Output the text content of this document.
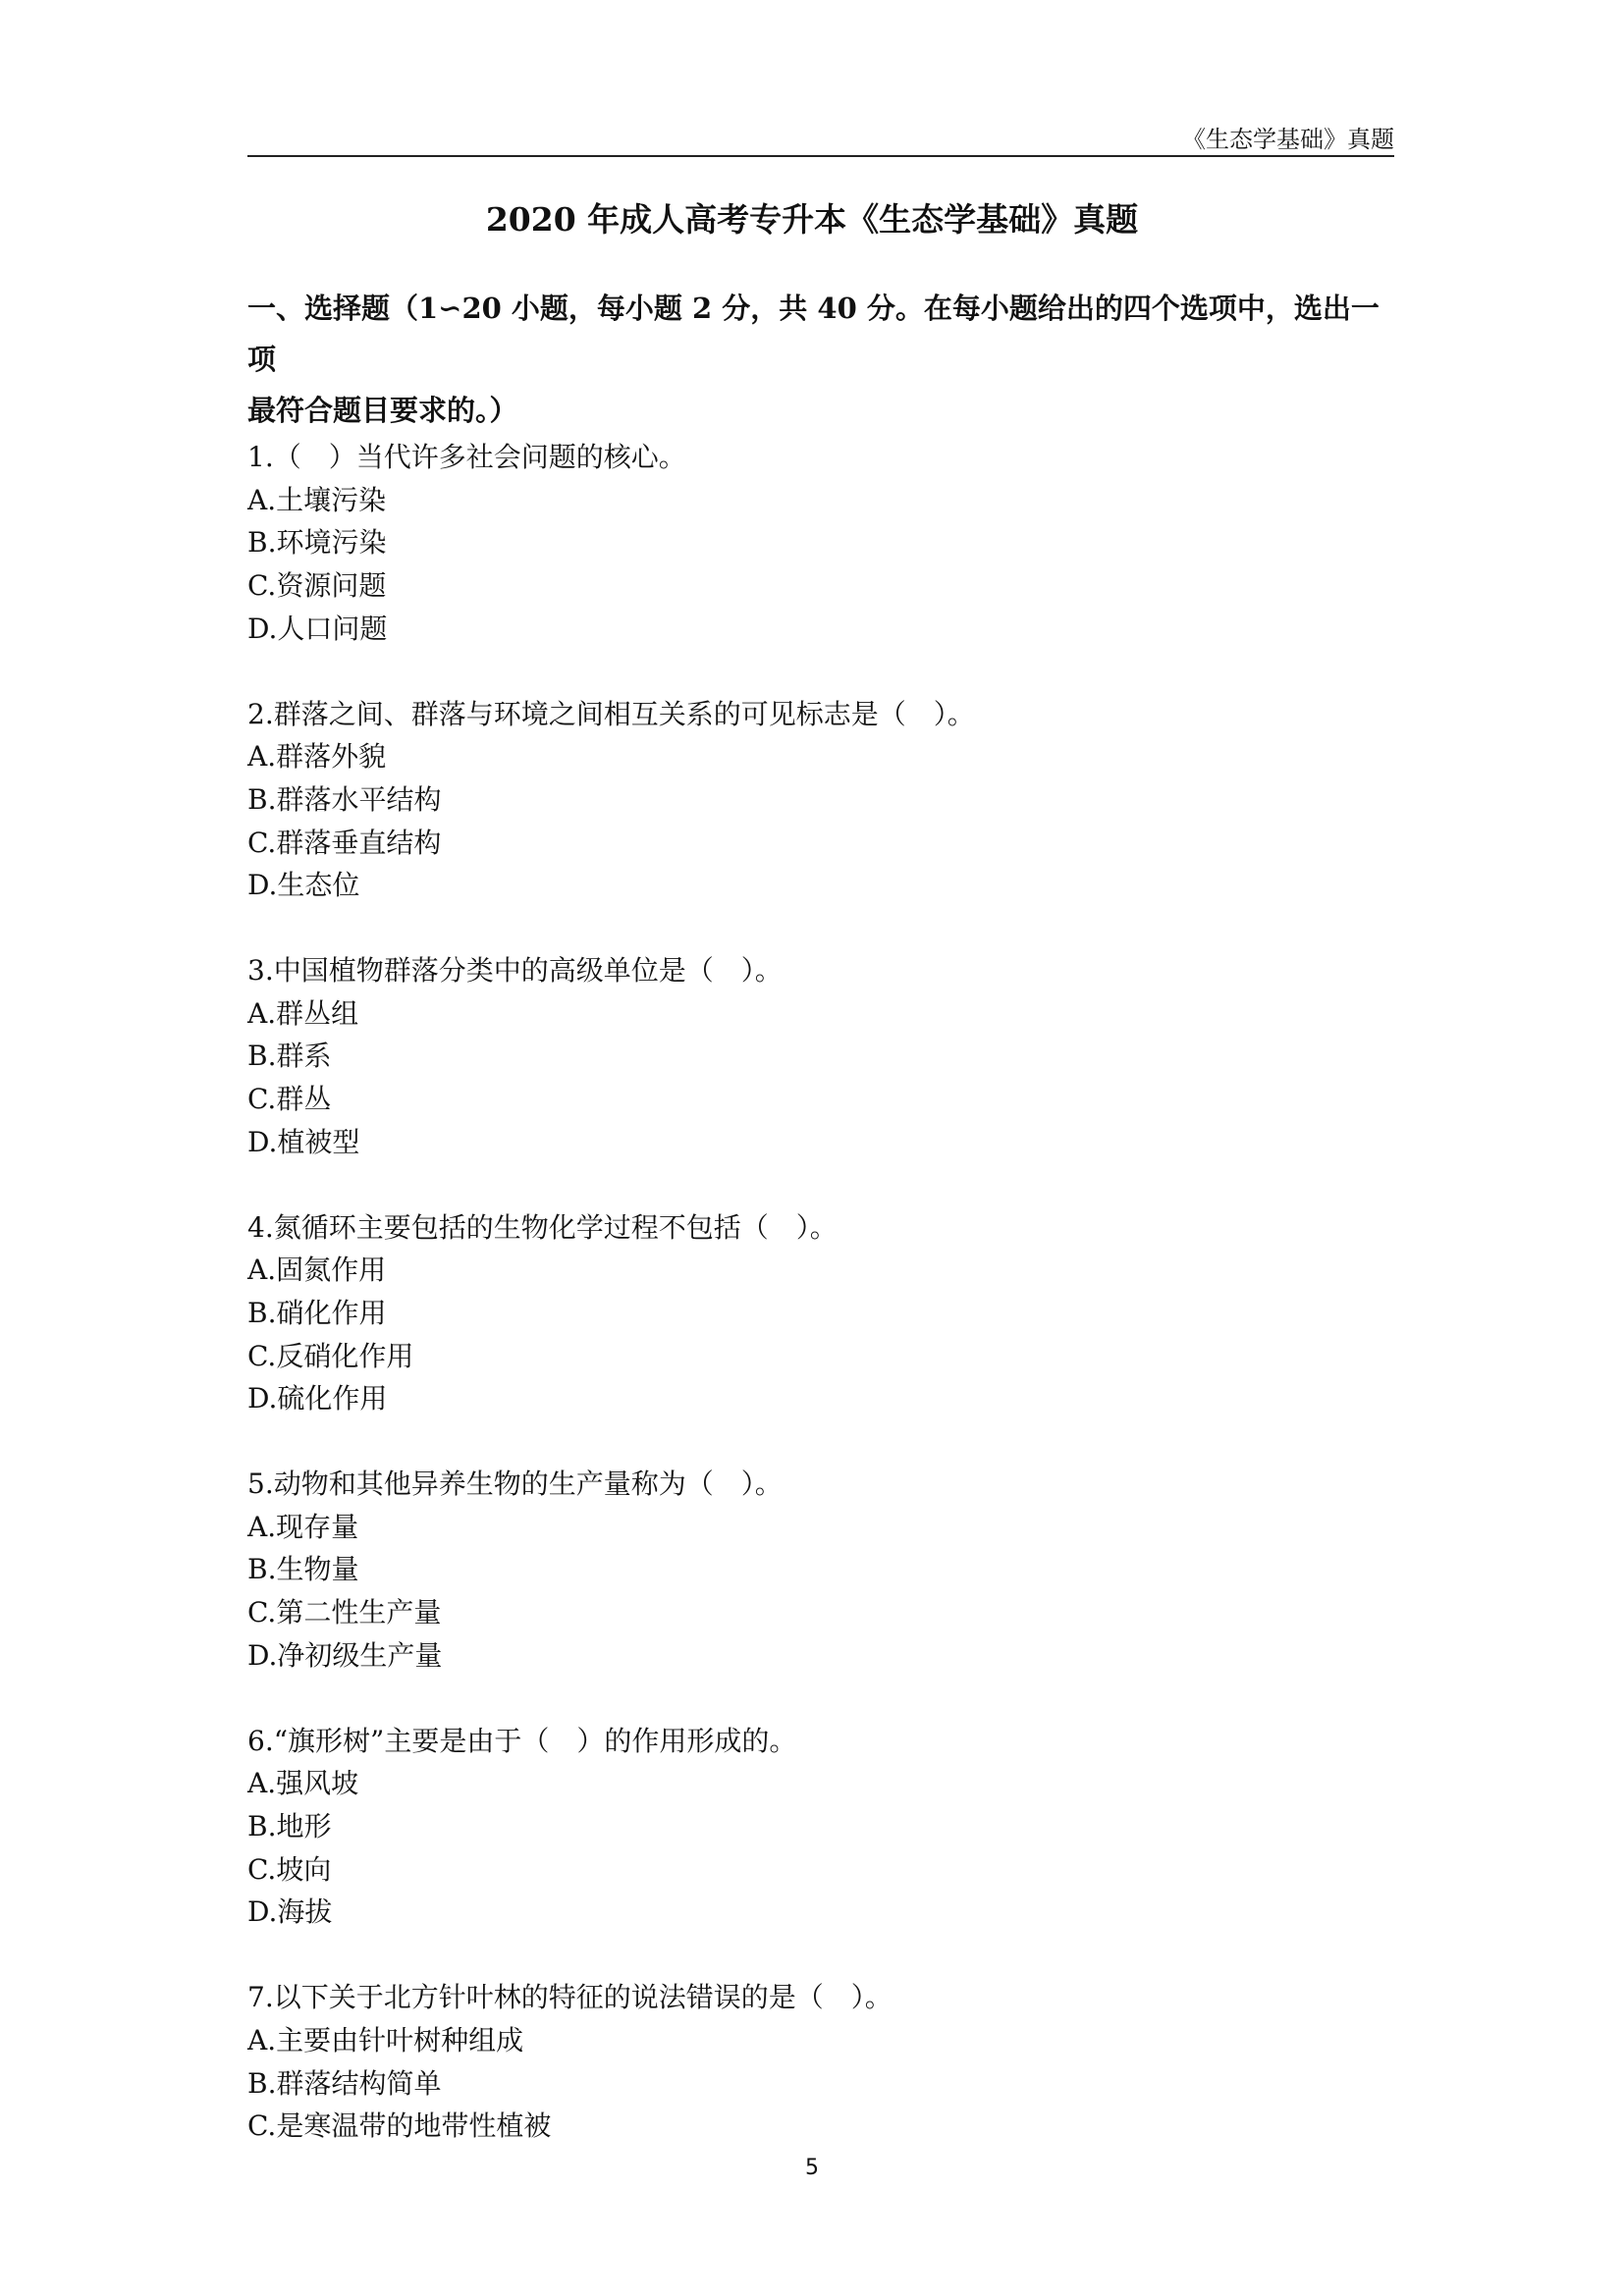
《生态学基础》真题
2020 年成人高考专升本《生态学基础》真题
一、选择题（1∽20 小题，每小题 2 分，共 40 分。在每小题给出的四个选项中，选出一项
最符合题目要求的。）
1.（　）当代许多社会问题的核心。
A.土壤污染
B.环境污染
C.资源问题
D.人口问题
2.群落之间、群落与环境之间相互关系的可见标志是（　）。
A.群落外貌
B.群落水平结构
C.群落垂直结构
D.生态位
3.中国植物群落分类中的高级单位是（　）。
A.群丛组
B.群系
C.群丛
D.植被型
4.氮循环主要包括的生物化学过程不包括（　）。
A.固氮作用
B.硝化作用
C.反硝化作用
D.硫化作用
5.动物和其他异养生物的生产量称为（　）。
A.现存量
B.生物量
C.第二性生产量
D.净初级生产量
6.“旗形树”主要是由于（　）的作用形成的。
A.强风坡
B.地形
C.坡向
D.海拔
7.以下关于北方针叶林的特征的说法错误的是（　）。
A.主要由针叶树种组成
B.群落结构简单
C.是寒温带的地带性植被
5
